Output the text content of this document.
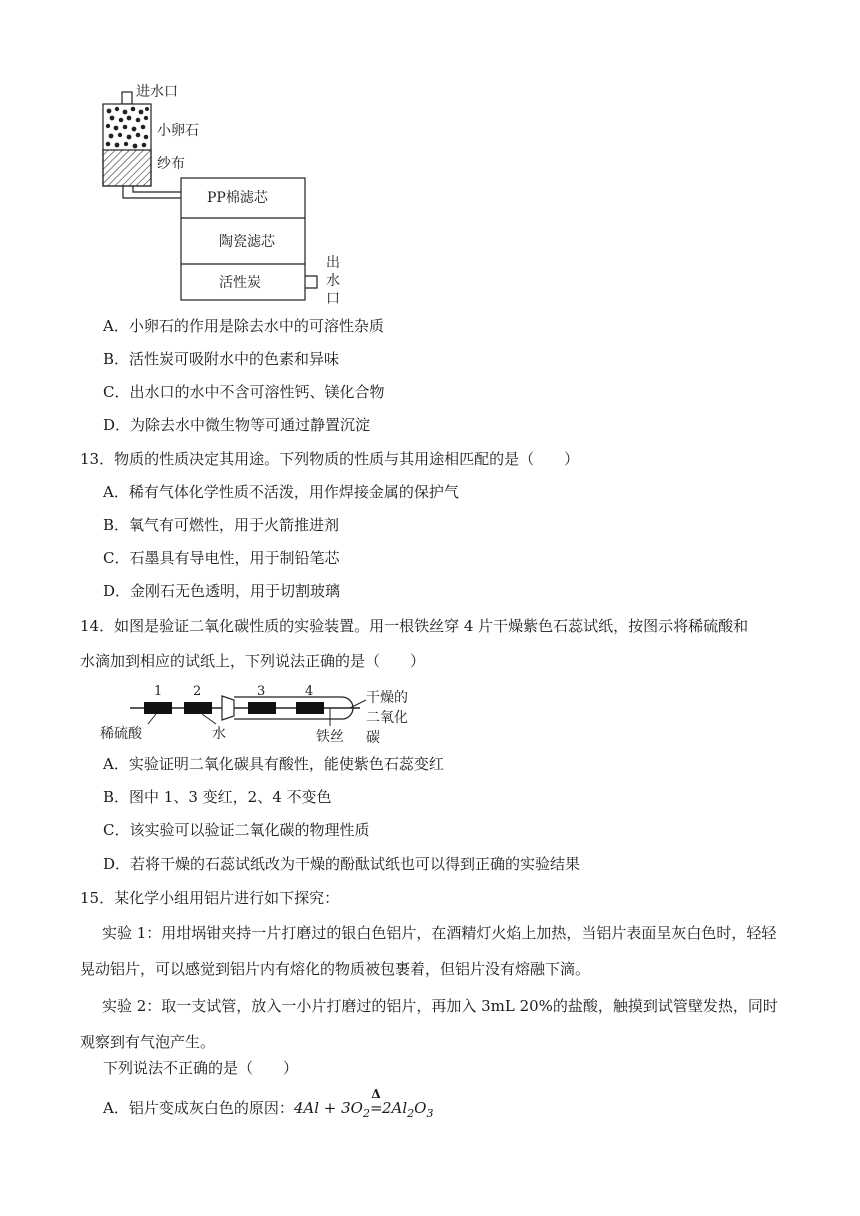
进水口
小卵石
纱布
PP棉滤芯
陶瓷滤芯
活性炭
出
水
口
A．小卵石的作用是除去水中的可溶性杂质
B．活性炭可吸附水中的色素和异味
C．出水口的水中不含可溶性钙、镁化合物
D．为除去水中微生物等可通过静置沉淀
13．物质的性质决定其用途。下列物质的性质与其用途相匹配的是（　　）
A．稀有气体化学性质不活泼，用作焊接金属的保护气
B．氧气有可燃性，用于火箭推进剂
C．石墨具有导电性，用于制铅笔芯
D．金刚石无色透明，用于切割玻璃
14．如图是验证二氧化碳性质的实验装置。用一根铁丝穿 4 片干燥紫色石蕊试纸，按图示将稀硫酸和
水滴加到相应的试纸上，下列说法正确的是（　　）
1 2	3	4
稀硫酸	水	铁丝
干燥的
二氧化
碳
A．实验证明二氧化碳具有酸性，能使紫色石蕊变红
B．图中 1、3 变红，2、4 不变色
C．该实验可以验证二氧化碳的物理性质
D．若将干燥的石蕊试纸改为干燥的酚酞试纸也可以得到正确的实验结果
15．某化学小组用铝片进行如下探究：
实验 1：用坩埚钳夹持一片打磨过的银白色铝片，在酒精灯火焰上加热，当铝片表面呈灰白色时，轻轻晃动铝片，可以感觉到铝片内有熔化的物质被包裹着，但铝片没有熔融下滴。
实验 2：取一支试管，放入一小片打磨过的铝片，再加入 3mL 20%的盐酸，触摸到试管壁发热，同时观察到有气泡产生。
下列说法不正确的是（　　）
A．铝片变成灰白色的原因：$4Al + 3O_2$
Δ
$=2Al_2O_3$
